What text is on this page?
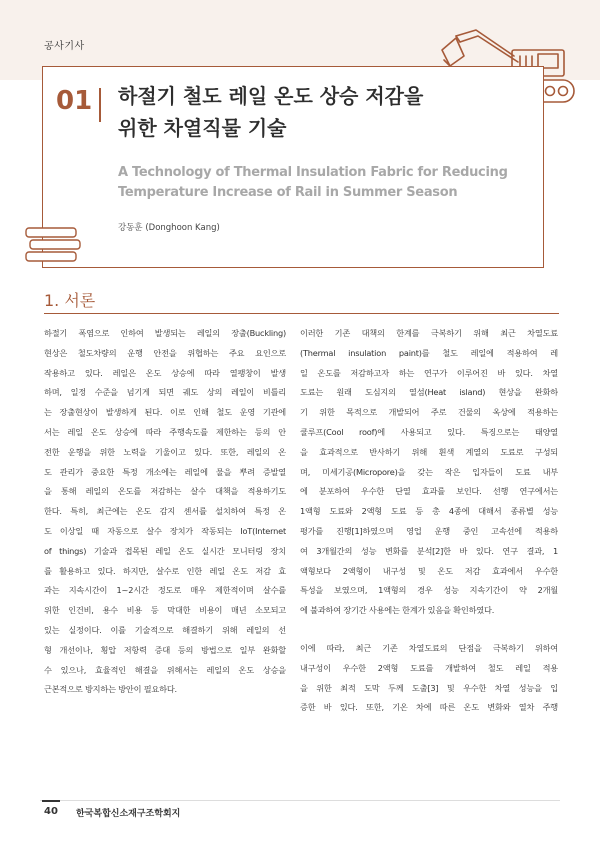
공사기사
01 하절기 철도 레일 온도 상승 저감을
위한 차열직물 기술
A Technology of Thermal Insulation Fabric for Reducing
Temperature Increase of Rail in Summer Season
강동훈 (Donghoon Kang)
1. 서론
하절기 폭염으로 인하여 발생되는 레일의 장출(Buckling)
현상은 철도차량의 운행 안전을 위협하는 주요 요인으로
작용하고 있다. 레일은 온도 상승에 따라 열팽창이 발생
하며, 일정 수준을 넘기게 되면 궤도 상의 레일이 비틀리
는 장출현상이 발생하게 된다. 이로 인해 철도 운영 기관에
서는 레일 온도 상승에 따라 주행속도를 제한하는 등의 안
전한 운행을 위한 노력을 기울이고 있다. 또한, 레일의 온
도 관리가 중요한 특정 개소에는 레일에 물을 뿌려 증발열
을 통해 레일의 온도를 저감하는 살수 대책을 적용하기도
한다. 특히, 최근에는 온도 감지 센서를 설치하여 특정 온
도 이상일 때 자동으로 살수 장치가 작동되는 IoT(Internet
of things) 기술과 접목된 레일 온도 실시간 모니터링 장치
를 활용하고 있다. 하지만, 살수로 인한 레일 온도 저감 효
과는 지속시간이 1~2시간 정도로 매우 제한적이며 살수를
위한 인건비, 용수 비용 등 막대한 비용이 매년 소모되고
있는 실정이다. 이를 기술적으로 해결하기 위해 레일의 선
형 개선이나, 횡압 저항력 증대 등의 방법으로 일부 완화할
수 있으나, 효율적인 해결을 위해서는 레일의 온도 상승을
근본적으로 방지하는 방안이 필요하다.
이러한 기존 대책의 한계를 극복하기 위해 최근 차열도료
(Thermal insulation paint)를 철도 레일에 적용하여 레
일 온도를 저감하고자 하는 연구가 이루어진 바 있다. 차열
도료는 원래 도심지의 열섬(Heat island) 현상을 완화하
기 위한 목적으로 개발되어 주로 건물의 옥상에 적용하는
쿨루프(Cool roof)에 사용되고 있다. 특징으로는 태양열
을 효과적으로 반사하기 위해 흰색 계열의 도료로 구성되
며, 미세기공(Micropore)을 갖는 작은 입자들이 도료 내부
에 분포하여 우수한 단열 효과를 보인다. 선행 연구에서는
1액형 도료와 2액형 도료 등 총 4종에 대해서 종류별 성능
평가를 진행[1]하였으며 영업 운행 중인 고속선에 적용하
여 3개월간의 성능 변화를 분석[2]한 바 있다. 연구 결과, 1
액형보다 2액형이 내구성 및 온도 저감 효과에서 우수한
특성을 보였으며, 1액형의 경우 성능 지속기간이 약 2개월
에 불과하여 장기간 사용에는 한계가 있음을 확인하였다.
이에 따라, 최근 기존 차열도료의 단점을 극복하기 위하여
내구성이 우수한 2액형 도료를 개발하여 철도 레일 적용
을 위한 최적 도막 두께 도출[3] 및 우수한 차열 성능을 입
증한 바 있다. 또한, 기온 차에 따른 온도 변화와 열차 주행
40 한국복합신소재구조학회지
